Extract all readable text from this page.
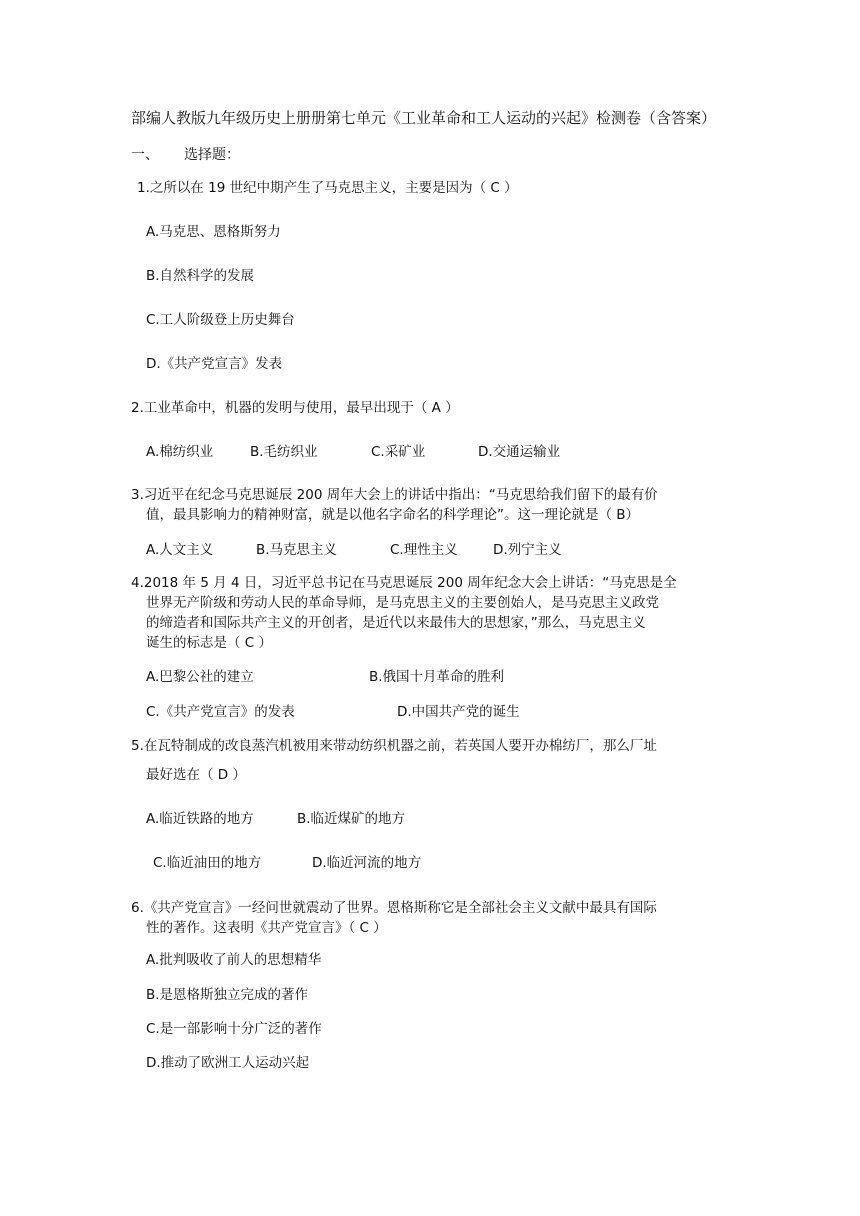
部编人教版九年级历史上册册第七单元《工业革命和工人运动的兴起》检测卷（含答案）
一、 选择题：
1.之所以在 19 世纪中期产生了马克思主义，主要是因为（ C ）
A.马克思、恩格斯努力
B.自然科学的发展
C.工人阶级登上历史舞台
D.《共产党宣言》发表
2.工业革命中，机器的发明与使用，最早出现于（ A ）
A.棉纺织业	B.毛纺织业	C.采矿业	D.交通运输业
3.习近平在纪念马克思诞辰 200 周年大会上的讲话中指出：“马克思给我们留下的最有价
值，最具影响力的精神财富，就是以他名字命名的科学理论”。这一理论就是（ B）
A.人文主义	B.马克思主义	C.理性主义	D.列宁主义
4.2018 年 5 月 4 日，习近平总书记在马克思诞辰 200 周年纪念大会上讲话：“马克思是全
世界无产阶级和劳动人民的革命导师，是马克思主义的主要创始人，是马克思主义政党
的缔造者和国际共产主义的开创者，是近代以来最伟大的思想家，”那么，马克思主义
诞生的标志是（ C ）
A.巴黎公社的建立	B.俄国十月革命的胜利
C.《共产党宣言》的发表	D.中国共产党的诞生
5.在瓦特制成的改良蒸汽机被用来带动纺织机器之前，若英国人要开办棉纺厂，那么厂址
最好选在（ D ）
A.临近铁路的地方	B.临近煤矿的地方
C.临近油田的地方	D.临近河流的地方
6.《共产党宣言》一经问世就震动了世界。恩格斯称它是全部社会主义文献中最具有国际
性的著作。这表明《共产党宣言》（ C ）
A.批判吸收了前人的思想精华
B.是恩格斯独立完成的著作
C.是一部影响十分广泛的著作
D.推动了欧洲工人运动兴起
